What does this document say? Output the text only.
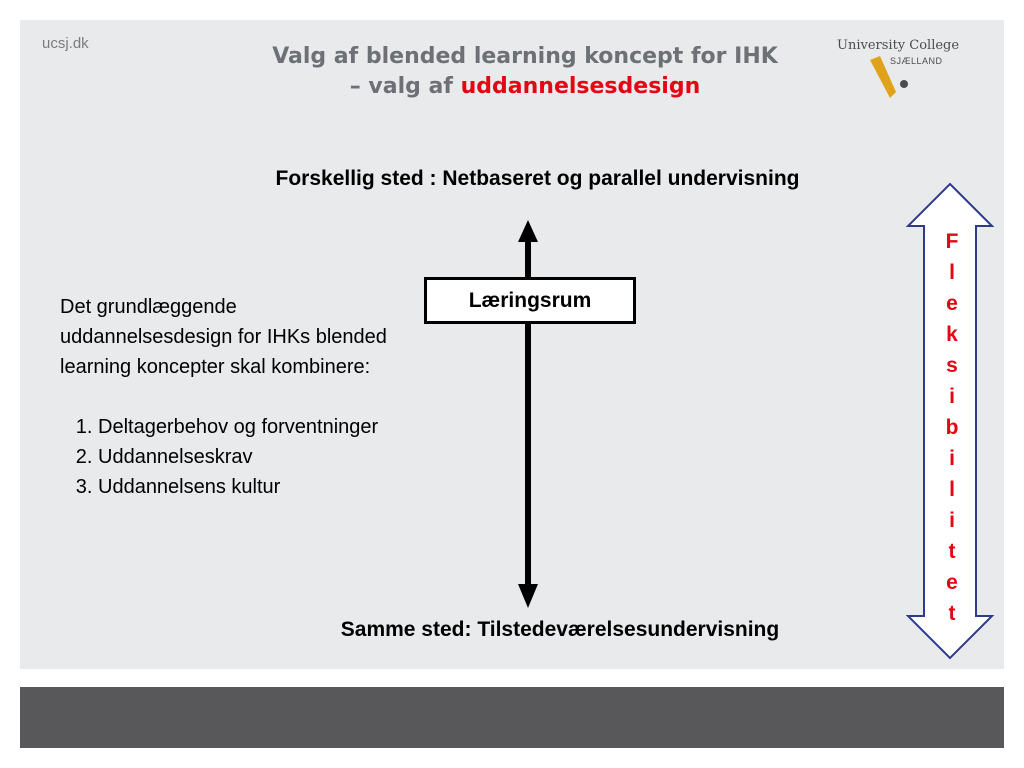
ucsj.dk
Valg af blended learning koncept for IHK
– valg af uddannelsesdesign
University College
SJÆLLAND
Forskellig sted : Netbaseret og parallel undervisning
Læringsrum

Det grundlæggende uddannelsesdesign for IHKs blended learning koncepter skal kombinere:

1. Deltagerbehov og forventninger
2. Uddannelseskrav
3. Uddannelsens kultur
Samme sted: Tilstedeværelsesundervisning
F
l
e
k
s
i
b
i
l
i
t
e
t
